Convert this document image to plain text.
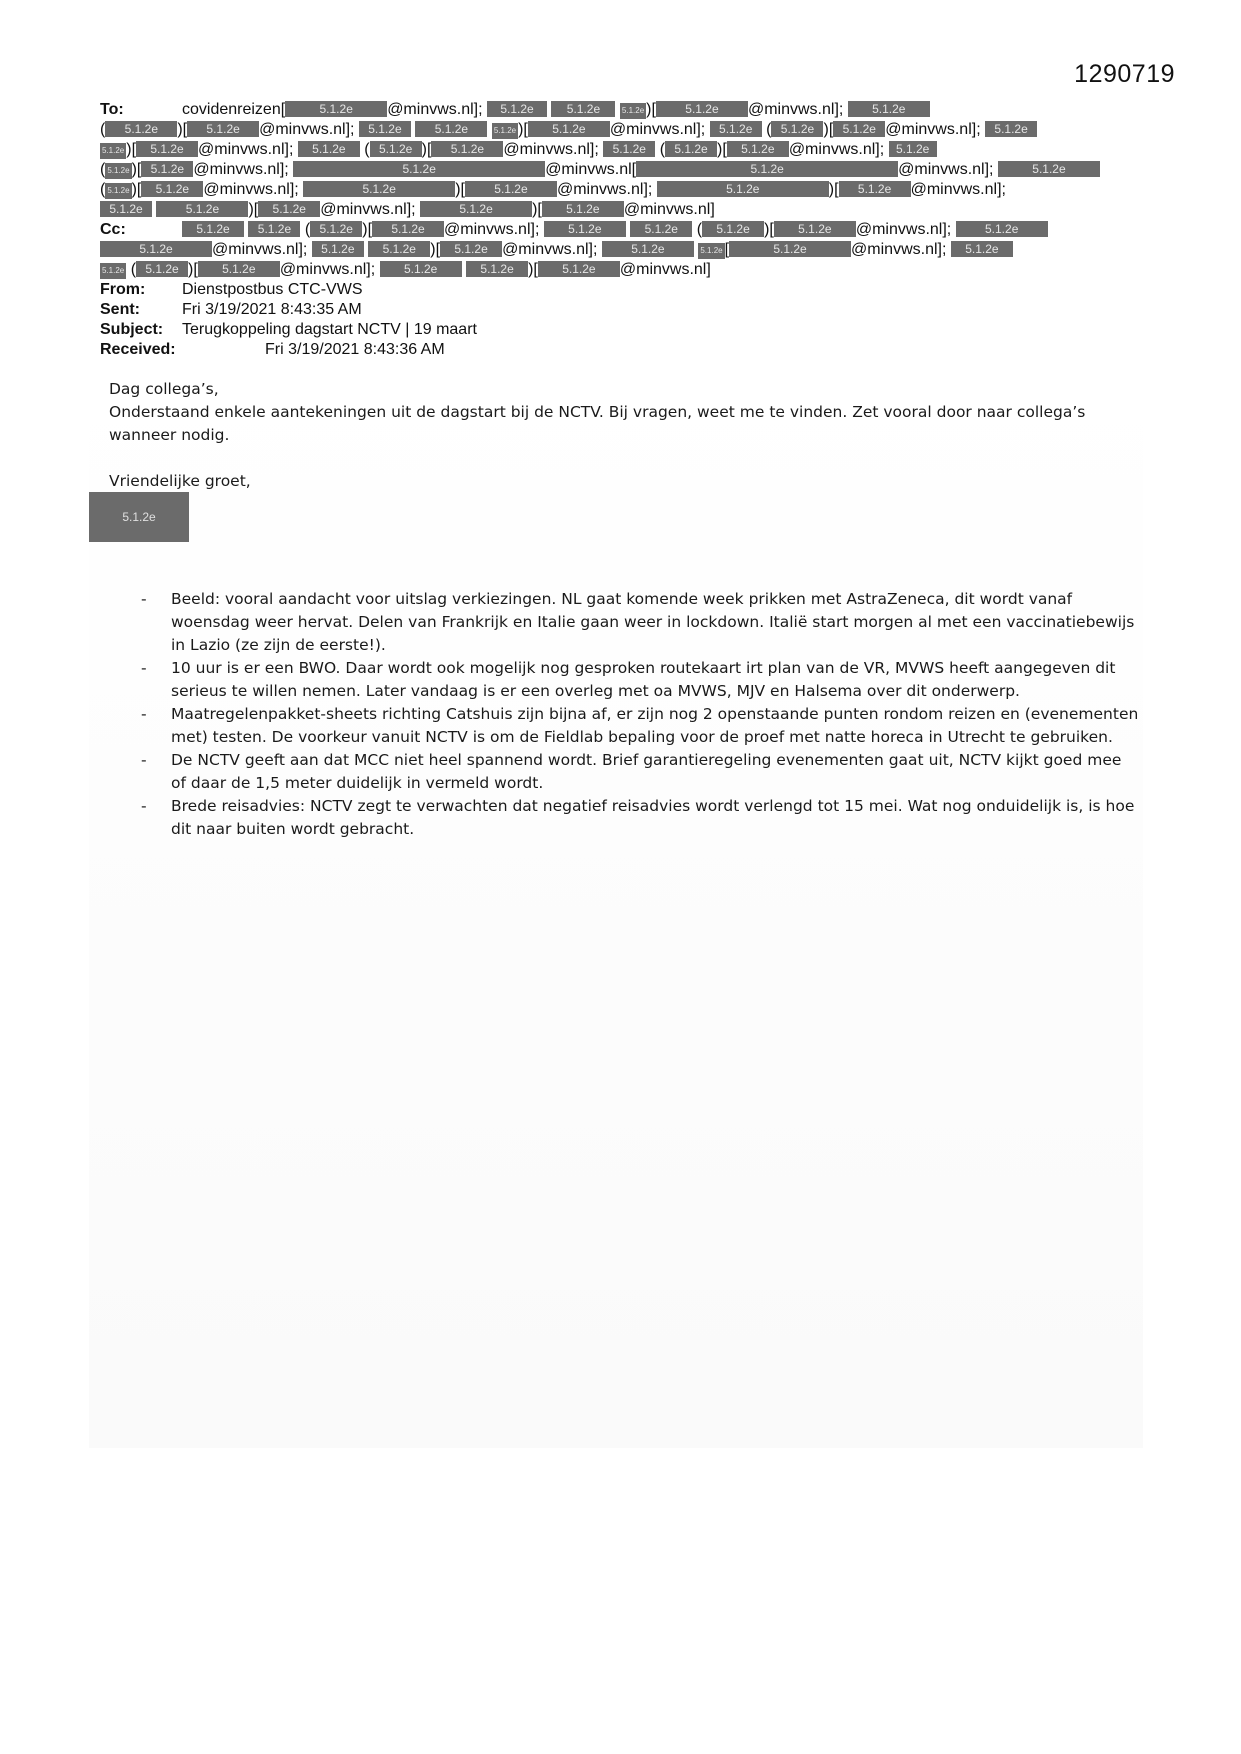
1290719
To:	covidenreizen[	5.1.2e @minvws.nl]; 5.1.2e	5.1.2e	5.1.2e )[ 5.1.2e @minvws.nl]; 5.1.2e
( 5.1.2e )[ 5.1.2e @minvws.nl]; 5.1.2e	5.1.2e	5.1.2e )[ 5.1.2e @minvws.nl]; 5.1.2e ( 5.1.2e )[ 5.1.2e @minvws.nl]; 5.1.2e
5.1.2e )[ 5.1.2e @minvws.nl]; 5.1.2e ( 5.1.2e )[ 5.1.2e @minvws.nl]; 5.1.2e ( 5.1.2e )[ 5.1.2e @minvws.nl]; 5.1.2e
( 5.1.2e )[ 5.1.2e @minvws.nl];	5.1.2e	@minvws.nl[	5.1.2e	@minvws.nl];	5.1.2e
( 5.1.2e )[ 5.1.2e @minvws.nl];	5.1.2e	)[ 5.1.2e @minvws.nl];	5.1.2e	)[ 5.1.2e @minvws.nl];
5.1.2e	5.1.2e )[ 5.1.2e @minvws.nl];	5.1.2e )[ 5.1.2e @minvws.nl]
Cc:	5.1.2e 5.1.2e ( 5.1.2e )[ 5.1.2e @minvws.nl]; 5.1.2e	5.1.2e ( 5.1.2e )[ 5.1.2e @minvws.nl]; 5.1.2e
5.1.2e @minvws.nl]; 5.1.2e 5.1.2e )[ 5.1.2e @minvws.nl]; 5.1.2e	5.1.2e [	5.1.2e	@minvws.nl]; 5.1.2e
5.1.2e ( 5.1.2e )[ 5.1.2e @minvws.nl]; 5.1.2e	5.1.2e )[ 5.1.2e @minvws.nl]
From: Dienstpostbus CTC-VWS
Sent:	Fri 3/19/2021 8:43:35 AM
Subject: Terugkoppeling dagstart NCTV | 19 maart
Received:	Fri 3/19/2021 8:43:36 AM

Dag collega’s,

Onderstaand enkele aantekeningen uit de dagstart bij de NCTV. Bij vragen, weet me te vinden. Zet vooral door naar collega’s wanneer nodig.

Vriendelijke groet,

5.1.2e
- Beeld: vooral aandacht voor uitslag verkiezingen. NL gaat komende week prikken met AstraZeneca, dit wordt vanaf woensdag weer hervat. Delen van Frankrijk en Italie gaan weer in lockdown. Italië start morgen al met een vaccinatiebewijs in Lazio (ze zijn de eerste!).
- 10 uur is er een BWO. Daar wordt ook mogelijk nog gesproken routekaart irt plan van de VR, MVWS heeft aangegeven dit serieus te willen nemen. Later vandaag is er een overleg met oa MVWS, MJV en Halsema over dit onderwerp.
- Maatregelenpakket-sheets richting Catshuis zijn bijna af, er zijn nog 2 openstaande punten rondom reizen en (evenementen met) testen. De voorkeur vanuit NCTV is om de Fieldlab bepaling voor de proef met natte horeca in Utrecht te gebruiken.
- De NCTV geeft aan dat MCC niet heel spannend wordt. Brief garantieregeling evenementen gaat uit, NCTV kijkt goed mee of daar de 1,5 meter duidelijk in vermeld wordt.
- Brede reisadvies: NCTV zegt te verwachten dat negatief reisadvies wordt verlengd tot 15 mei. Wat nog onduidelijk is, is hoe dit naar buiten wordt gebracht.
